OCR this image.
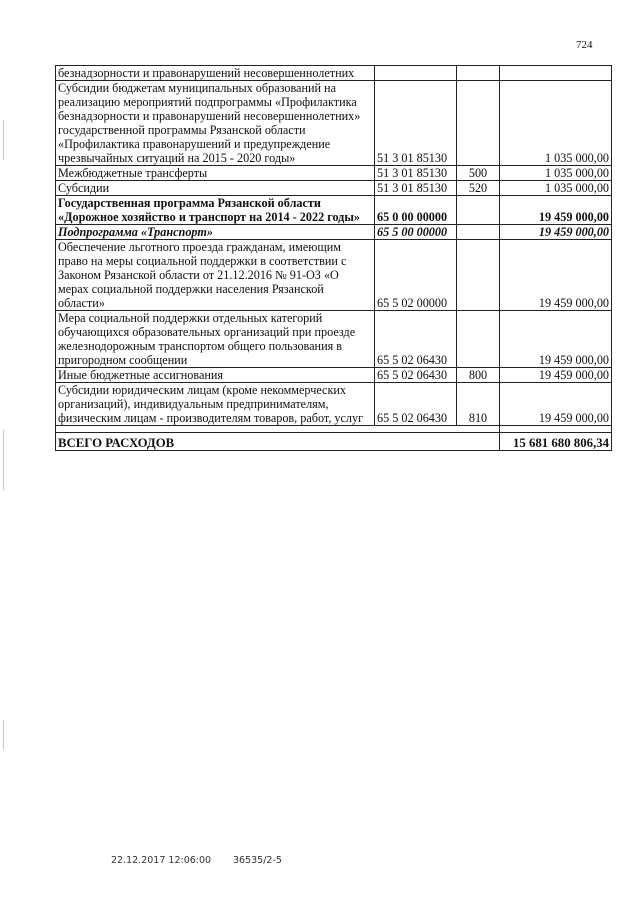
724
безнадзорности и правонарушений несовершеннолетних			
Субсидии бюджетам муниципальных образований на реализацию мероприятий подпрограммы «Профилактика безнадзорности и правонарушений несовершеннолетних» государственной программы Рязанской области «Профилактика правонарушений и предупреждение чрезвычайных ситуаций на 2015 - 2020 годы»	51 3 01 85130		1 035 000,00
Межбюджетные трансферты	51 3 01 85130	500	1 035 000,00
Субсидии	51 3 01 85130	520	1 035 000,00
Государственная программа Рязанской области «Дорожное хозяйство и транспорт на 2014 - 2022 годы»	65 0 00 00000		19 459 000,00
Подпрограмма «Транспорт»	65 5 00 00000		19 459 000,00
Обеспечение льготного проезда гражданам, имеющим право на меры социальной поддержки в соответствии с Законом Рязанской области от 21.12.2016 № 91-ОЗ «О мерах социальной поддержки населения Рязанской области»	65 5 02 00000		19 459 000,00
Мера социальной поддержки отдельных категорий обучающихся образовательных организаций при проезде железнодорожным транспортом общего пользования в пригородном сообщении	65 5 02 06430		19 459 000,00
Иные бюджетные ассигнования	65 5 02 06430	800	19 459 000,00
Субсидии юридическим лицам (кроме некоммерческих организаций), индивидуальным предпринимателям, физическим лицам - производителям товаров, работ, услуг	65 5 02 06430	810	19 459 000,00

ВСЕГО РАСХОДОВ			15 681 680 806,34
22.12.2017 12:06:00 36535/2-5
